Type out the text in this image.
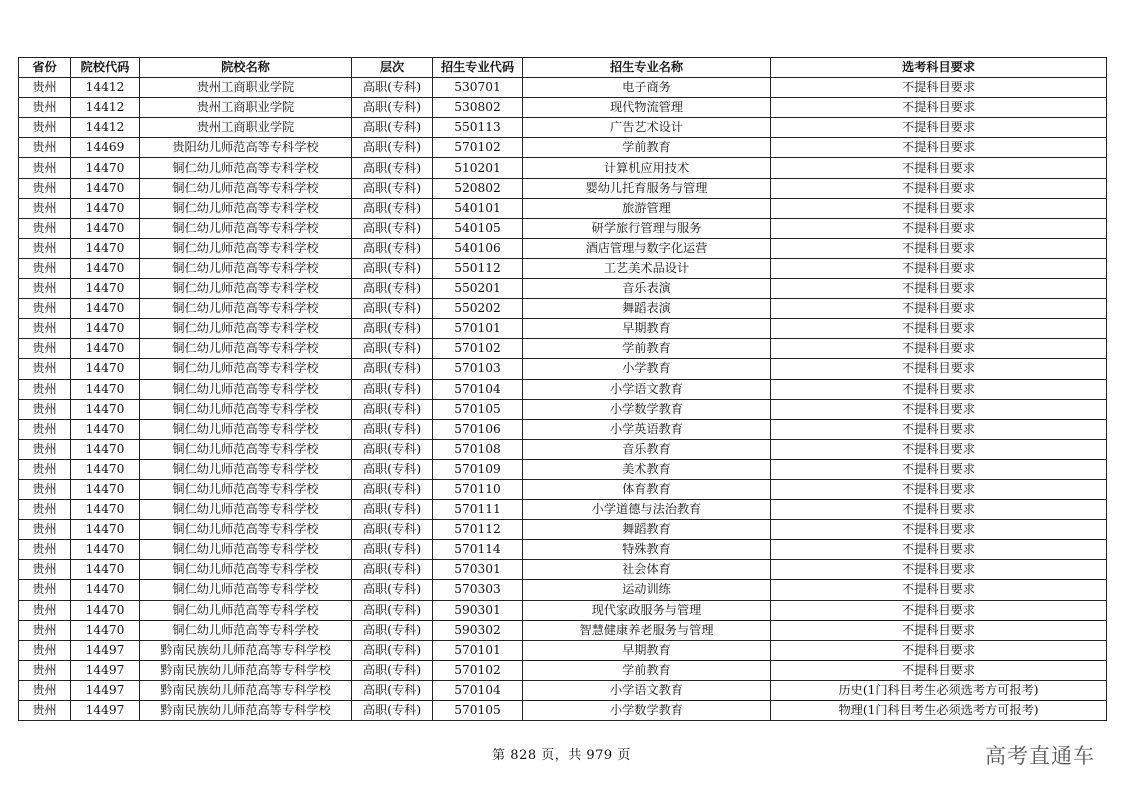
省份	院校代码	院校名称	层次	招生专业代码	招生专业名称	选考科目要求
贵州	14412	贵州工商职业学院	高职(专科)	530701	电子商务	不提科目要求
贵州	14412	贵州工商职业学院	高职(专科)	530802	现代物流管理	不提科目要求
贵州	14412	贵州工商职业学院	高职(专科)	550113	广告艺术设计	不提科目要求
贵州	14469	贵阳幼儿师范高等专科学校	高职(专科)	570102	学前教育	不提科目要求
贵州	14470	铜仁幼儿师范高等专科学校	高职(专科)	510201	计算机应用技术	不提科目要求
贵州	14470	铜仁幼儿师范高等专科学校	高职(专科)	520802	婴幼儿托育服务与管理	不提科目要求
贵州	14470	铜仁幼儿师范高等专科学校	高职(专科)	540101	旅游管理	不提科目要求
贵州	14470	铜仁幼儿师范高等专科学校	高职(专科)	540105	研学旅行管理与服务	不提科目要求
贵州	14470	铜仁幼儿师范高等专科学校	高职(专科)	540106	酒店管理与数字化运营	不提科目要求
贵州	14470	铜仁幼儿师范高等专科学校	高职(专科)	550112	工艺美术品设计	不提科目要求
贵州	14470	铜仁幼儿师范高等专科学校	高职(专科)	550201	音乐表演	不提科目要求
贵州	14470	铜仁幼儿师范高等专科学校	高职(专科)	550202	舞蹈表演	不提科目要求
贵州	14470	铜仁幼儿师范高等专科学校	高职(专科)	570101	早期教育	不提科目要求
贵州	14470	铜仁幼儿师范高等专科学校	高职(专科)	570102	学前教育	不提科目要求
贵州	14470	铜仁幼儿师范高等专科学校	高职(专科)	570103	小学教育	不提科目要求
贵州	14470	铜仁幼儿师范高等专科学校	高职(专科)	570104	小学语文教育	不提科目要求
贵州	14470	铜仁幼儿师范高等专科学校	高职(专科)	570105	小学数学教育	不提科目要求
贵州	14470	铜仁幼儿师范高等专科学校	高职(专科)	570106	小学英语教育	不提科目要求
贵州	14470	铜仁幼儿师范高等专科学校	高职(专科)	570108	音乐教育	不提科目要求
贵州	14470	铜仁幼儿师范高等专科学校	高职(专科)	570109	美术教育	不提科目要求
贵州	14470	铜仁幼儿师范高等专科学校	高职(专科)	570110	体育教育	不提科目要求
贵州	14470	铜仁幼儿师范高等专科学校	高职(专科)	570111	小学道德与法治教育	不提科目要求
贵州	14470	铜仁幼儿师范高等专科学校	高职(专科)	570112	舞蹈教育	不提科目要求
贵州	14470	铜仁幼儿师范高等专科学校	高职(专科)	570114	特殊教育	不提科目要求
贵州	14470	铜仁幼儿师范高等专科学校	高职(专科)	570301	社会体育	不提科目要求
贵州	14470	铜仁幼儿师范高等专科学校	高职(专科)	570303	运动训练	不提科目要求
贵州	14470	铜仁幼儿师范高等专科学校	高职(专科)	590301	现代家政服务与管理	不提科目要求
贵州	14470	铜仁幼儿师范高等专科学校	高职(专科)	590302	智慧健康养老服务与管理	不提科目要求
贵州	14497	黔南民族幼儿师范高等专科学校	高职(专科)	570101	早期教育	不提科目要求
贵州	14497	黔南民族幼儿师范高等专科学校	高职(专科)	570102	学前教育	不提科目要求
贵州	14497	黔南民族幼儿师范高等专科学校	高职(专科)	570104	小学语文教育	历史(1门科目考生必须选考方可报考)
贵州	14497	黔南民族幼儿师范高等专科学校	高职(专科)	570105	小学数学教育	物理(1门科目考生必须选考方可报考)
第 828 页，共 979 页	高考直通车
